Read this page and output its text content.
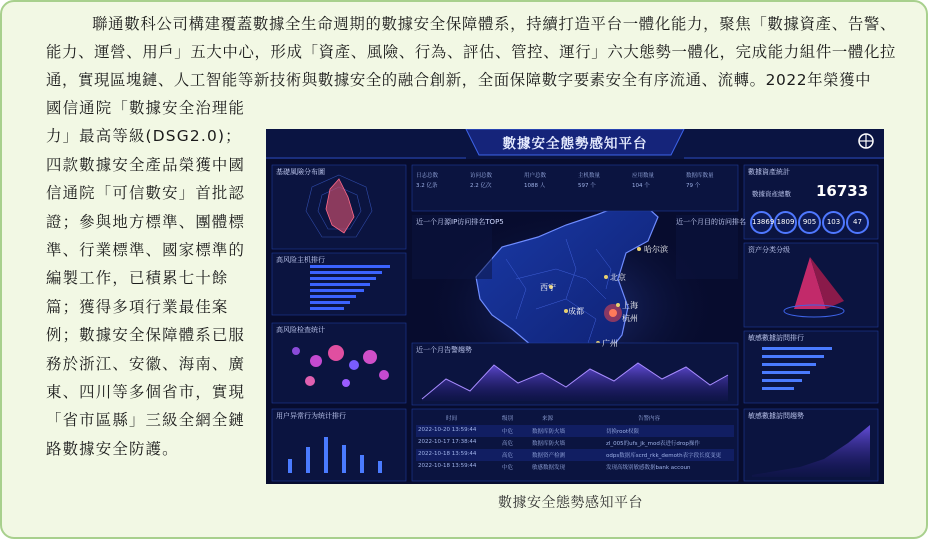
聯通數科公司構建覆蓋數據全生命週期的數據安全保障體系，持續打造平台一體化能力，聚焦「數據資產、告警、能力、運營、用戶」五大中心，形成「資產、風險、行為、評估、管控、運行」六大態勢一體化，完成能力組件一體化拉通，實現區塊鏈、人工智能等新技術與數據安全的融合創新，全面保障數字要素安全有序流通、流轉。2022年榮獲中

國信通院「數據安全治理能力」最高等級(DSG2.0)；四款數據安全產品榮獲中國信通院「可信數安」首批認證；參與地方標準、團體標準、行業標準、國家標準的編製工作，已積累七十餘篇；獲得多項行業最佳案例；數據安全保障體系已服務於浙江、安徽、海南、廣東、四川等多個省市，實現「省市區縣」三級全網全鏈路數據安全防護。

數據安全態勢感知平台
基礎風險分布圖
高风险主机排行
高风险检查统计
用户异常行为统计排行
數據資產統計
资产分类分级
敏感數據訪問排行
敏感數據訪問趨勢
近一个月源IP访问排名TOP5	近一个月目的访问排名
近一个月告警趨勢
日志总数	访问总数	用户总数	主机数量	应用数量	数据库数量
3.2 亿条	2.2 亿次	1088 人	597 个	104 个	79 个
數據資產總數 16733
13869 1809	905	103	47
哈尔滨
北京
西宁
成都
上海
杭州
广州
时间	级别	来源	告警内容
2022-10-20 13:59:44	中危	数据库防火墙	切换root权限
2022-10-17 17:38:44	高危	数据库防火墙	zl_005的ufs_jk_mod表进行drop操作
2022-10-18 13:59:44	高危	数据资产检测	odps数据库scrd_rkk_demoth表字段长度变更
2022-10-18 13:59:44	中危	敏感数据发现	发现高级别敏感数据bank accoun
數據安全態勢感知平台
